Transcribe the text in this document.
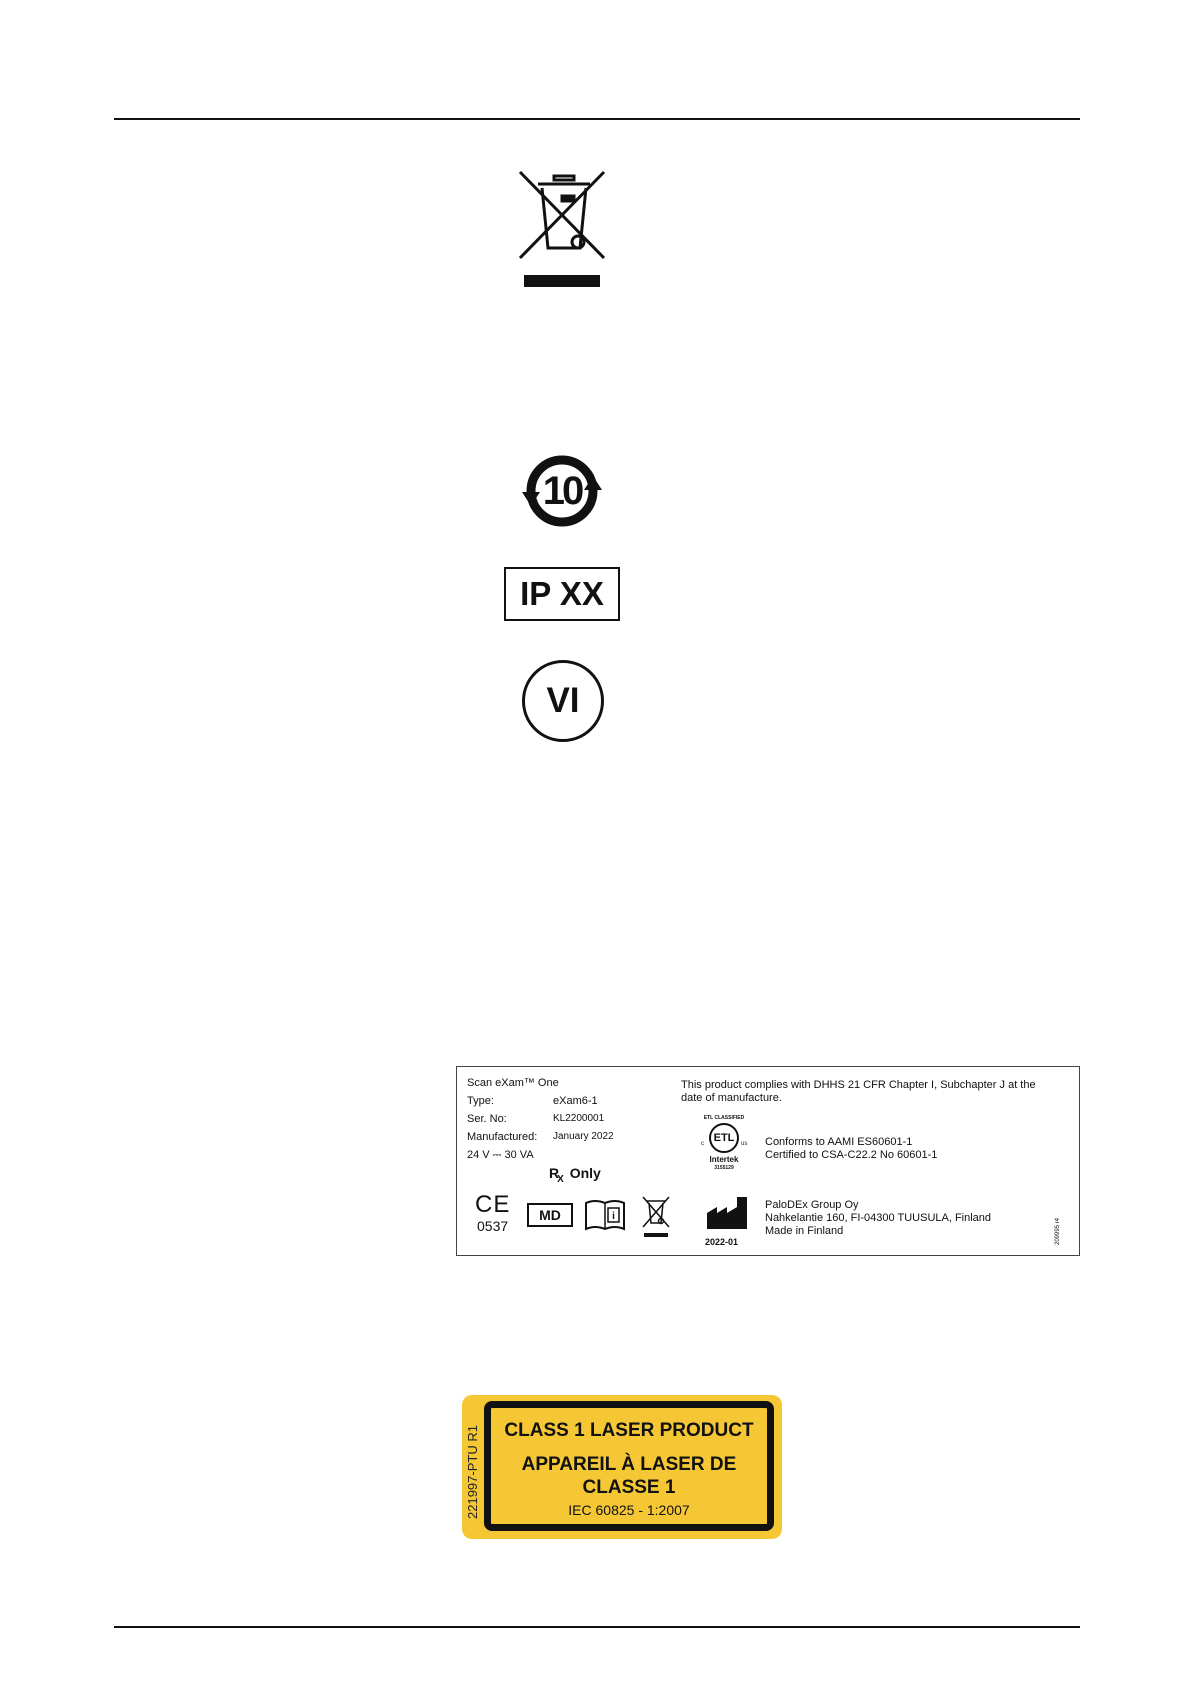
10
IP XX
VI
Scan eXam™ One
Type:	eXam6-1
Ser. No:	KL2200001
Manufactured: January 2022
24 V ⎓ 30 VA
$R_X$ Only
This product complies with DHHS 21 CFR Chapter I, Subchapter J at the
date of manufacture.
ETL CLASSIFIED
ETL
c	us
Intertek
3155129
Conforms to AAMI ES60601-1
Certified to CSA-C22.2 No 60601-1
CE
0537
MD	i
2022-01
PaloDEx Group Oy
Nahkelantie 160, FI-04300 TUUSULA, Finland
Made in Finland	209995 r4
221997-PTU R1	CLASS 1 LASER PRODUCT
APPAREIL À LASER DE
CLASSE 1
IEC 60825 - 1:2007
